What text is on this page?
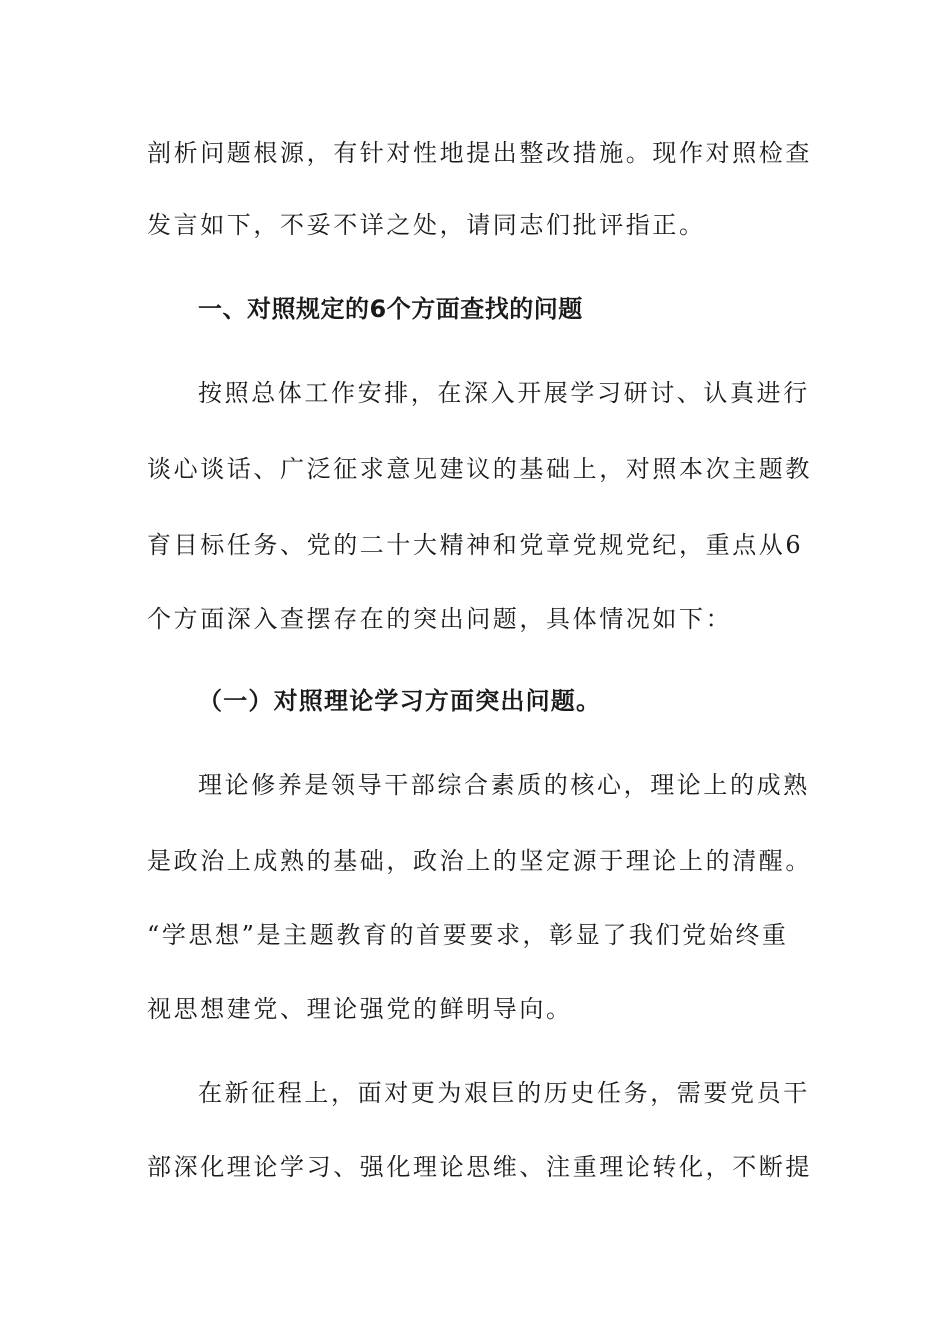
剖析问题根源，有针对性地提出整改措施。现作对照检查
发言如下，不妥不详之处，请同志们批评指正。
一、对照规定的6个方面查找的问题
按照总体工作安排，在深入开展学习研讨、认真进行
谈心谈话、广泛征求意见建议的基础上，对照本次主题教
育目标任务、党的二十大精神和党章党规党纪，重点从6
个方面深入查摆存在的突出问题，具体情况如下：
（一）对照理论学习方面突出问题。
理论修养是领导干部综合素质的核心，理论上的成熟
是政治上成熟的基础，政治上的坚定源于理论上的清醒。
“学思想”是主题教育的首要要求，彰显了我们党始终重
视思想建党、理论强党的鲜明导向。
在新征程上，面对更为艰巨的历史任务，需要党员干
部深化理论学习、强化理论思维、注重理论转化，不断提
